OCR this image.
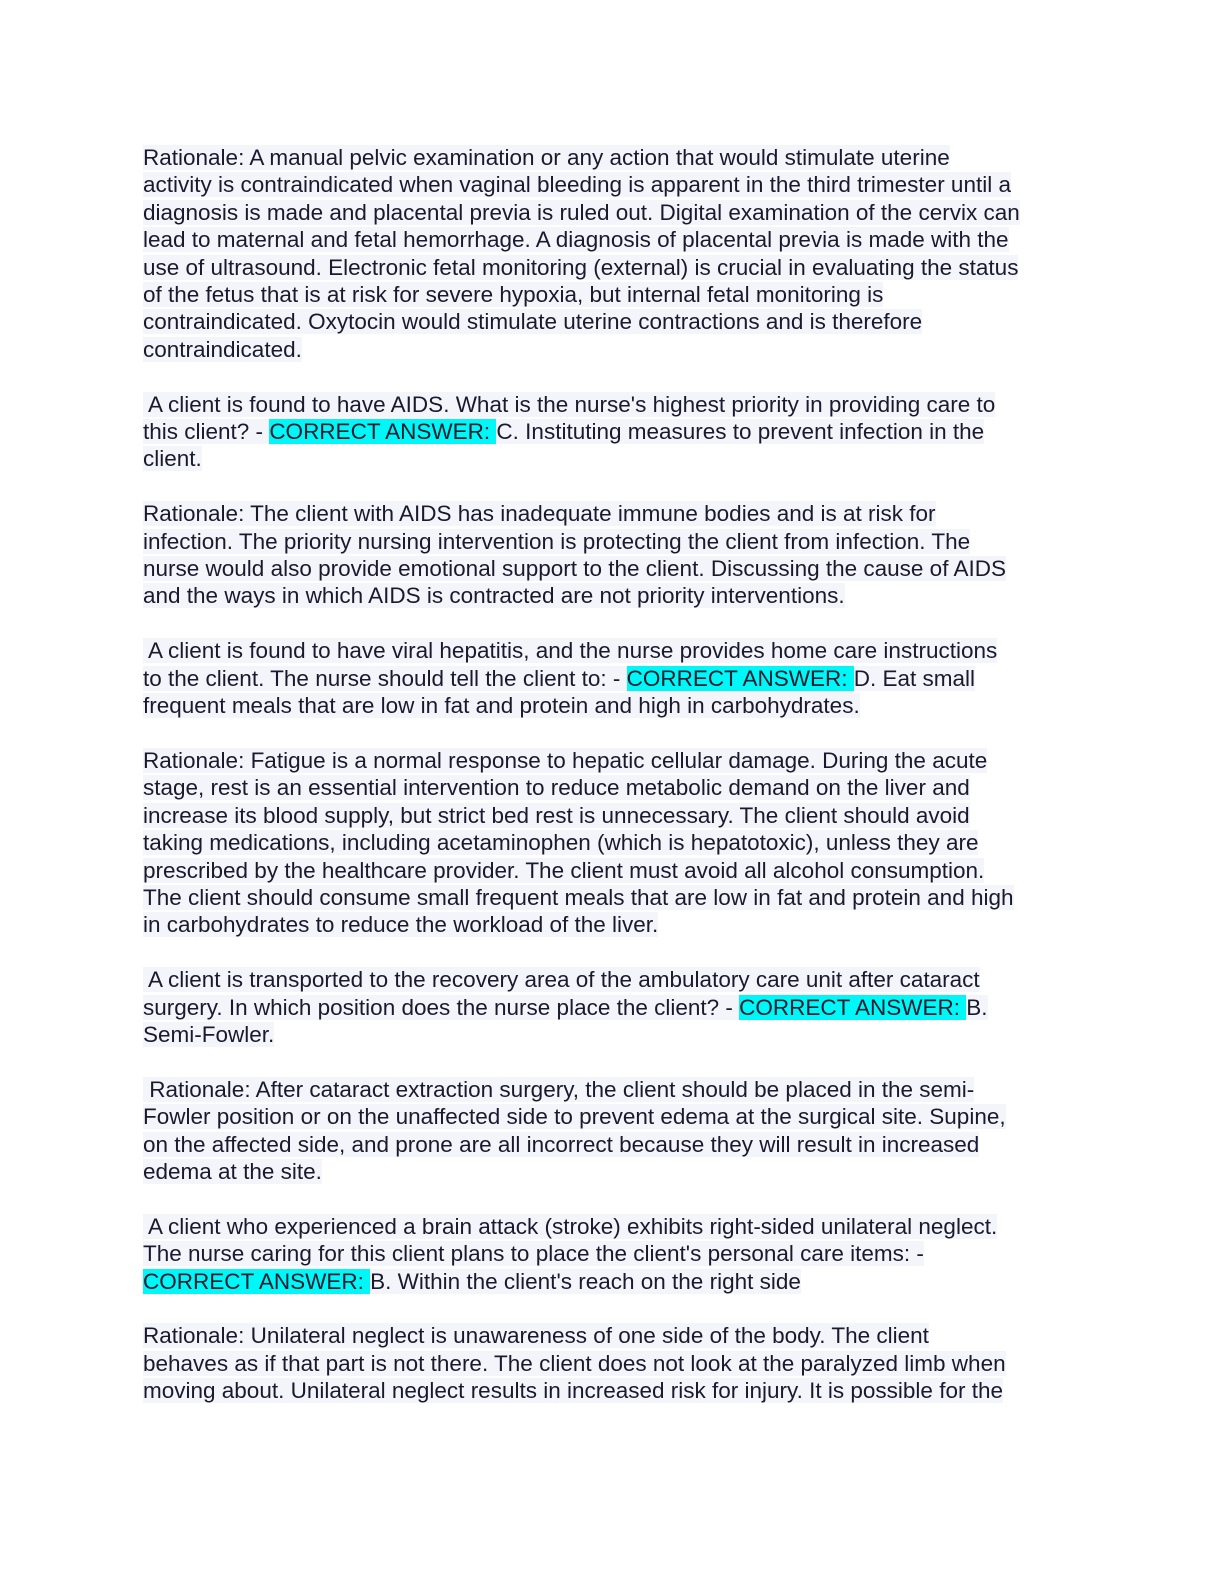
Rationale: A manual pelvic examination or any action that would stimulate uterine
activity is contraindicated when vaginal bleeding is apparent in the third trimester until a
diagnosis is made and placental previa is ruled out. Digital examination of the cervix can
lead to maternal and fetal hemorrhage. A diagnosis of placental previa is made with the
use of ultrasound. Electronic fetal monitoring (external) is crucial in evaluating the status
of the fetus that is at risk for severe hypoxia, but internal fetal monitoring is
contraindicated. Oxytocin would stimulate uterine contractions and is therefore
contraindicated.
A client is found to have AIDS. What is the nurse's highest priority in providing care to
this client? - CORRECT ANSWER: C. Instituting measures to prevent infection in the
client.
Rationale: The client with AIDS has inadequate immune bodies and is at risk for
infection. The priority nursing intervention is protecting the client from infection. The
nurse would also provide emotional support to the client. Discussing the cause of AIDS
and the ways in which AIDS is contracted are not priority interventions.
A client is found to have viral hepatitis, and the nurse provides home care instructions
to the client. The nurse should tell the client to: - CORRECT ANSWER: D. Eat small
frequent meals that are low in fat and protein and high in carbohydrates.
Rationale: Fatigue is a normal response to hepatic cellular damage. During the acute
stage, rest is an essential intervention to reduce metabolic demand on the liver and
increase its blood supply, but strict bed rest is unnecessary. The client should avoid
taking medications, including acetaminophen (which is hepatotoxic), unless they are
prescribed by the healthcare provider. The client must avoid all alcohol consumption.
The client should consume small frequent meals that are low in fat and protein and high
in carbohydrates to reduce the workload of the liver.
A client is transported to the recovery area of the ambulatory care unit after cataract
surgery. In which position does the nurse place the client? - CORRECT ANSWER: B.
Semi-Fowler.
Rationale: After cataract extraction surgery, the client should be placed in the semi-
Fowler position or on the unaffected side to prevent edema at the surgical site. Supine,
on the affected side, and prone are all incorrect because they will result in increased
edema at the site.
A client who experienced a brain attack (stroke) exhibits right-sided unilateral neglect.
The nurse caring for this client plans to place the client's personal care items: -
CORRECT ANSWER: B. Within the client's reach on the right side
Rationale: Unilateral neglect is unawareness of one side of the body. The client
behaves as if that part is not there. The client does not look at the paralyzed limb when
moving about. Unilateral neglect results in increased risk for injury. It is possible for the
